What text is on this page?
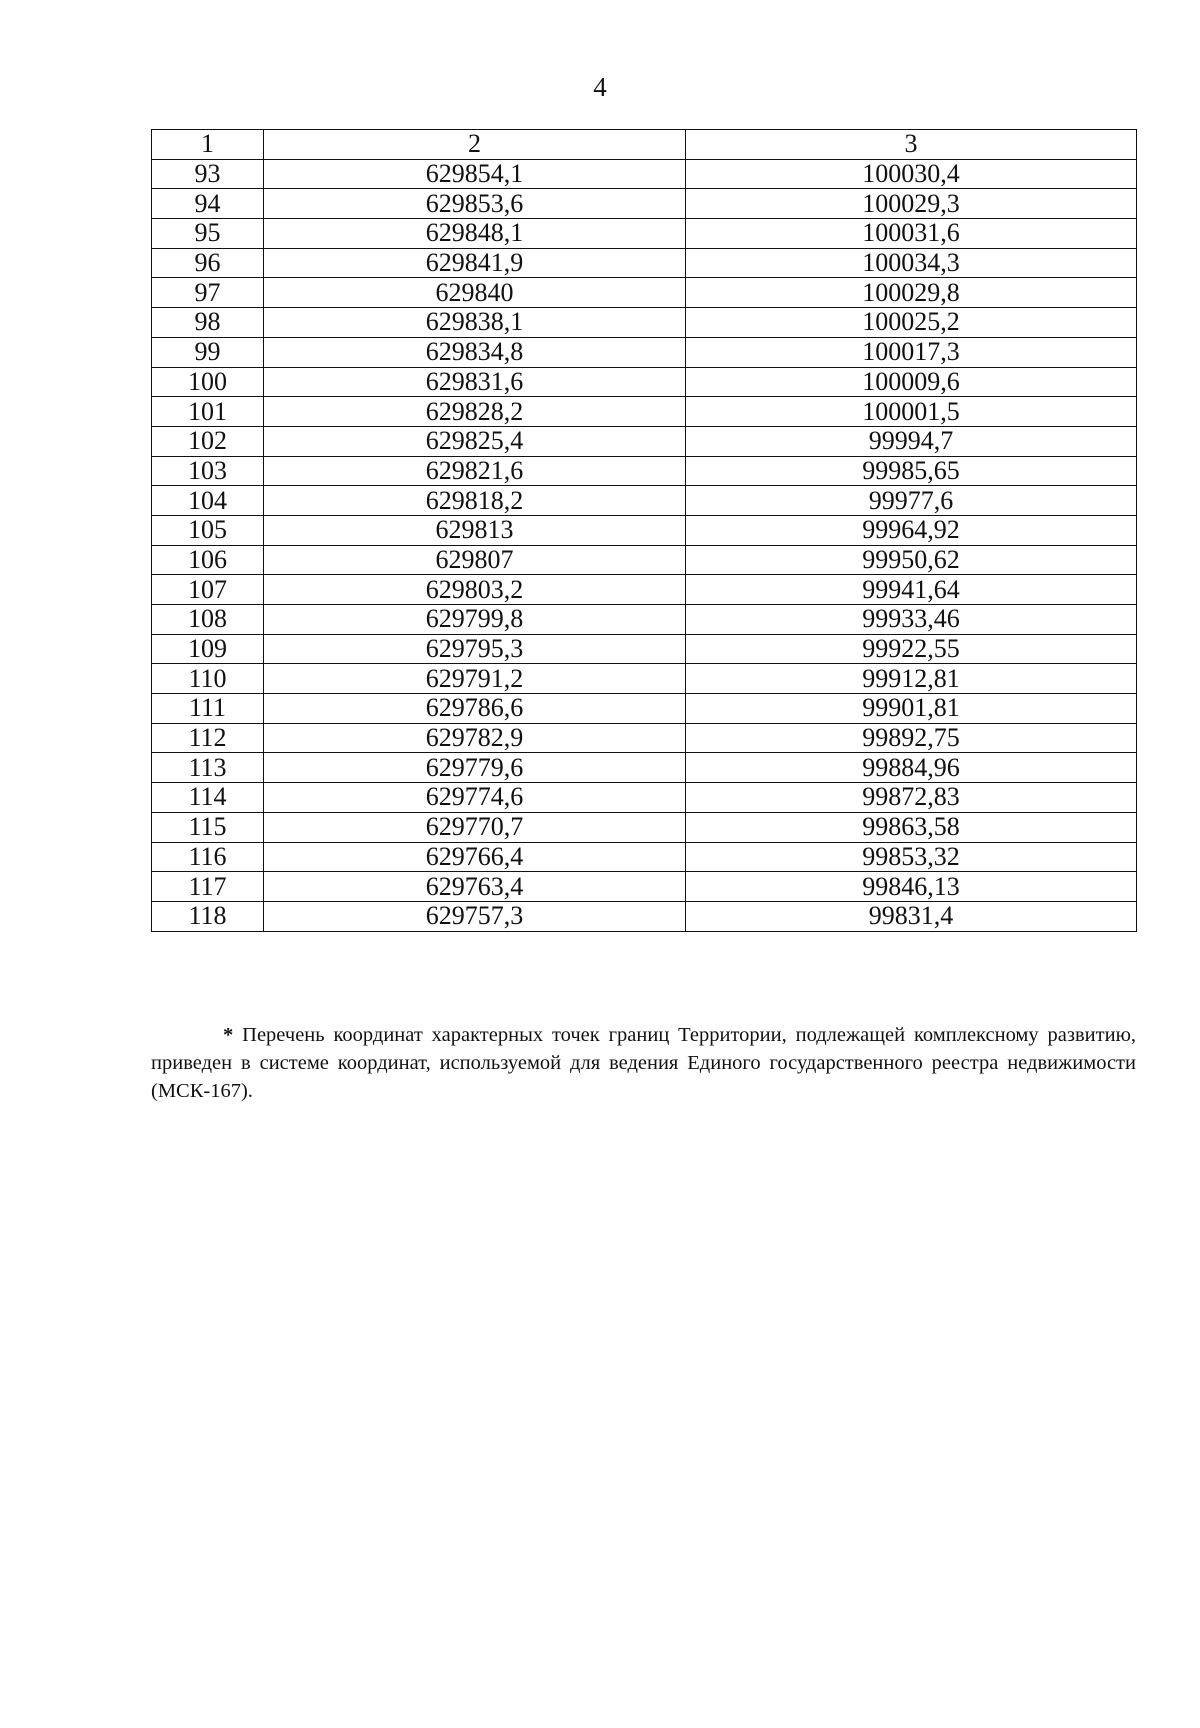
4
1	2	3
93	629854,1	100030,4
94	629853,6	100029,3
95	629848,1	100031,6
96	629841,9	100034,3
97	629840	100029,8
98	629838,1	100025,2
99	629834,8	100017,3
100	629831,6	100009,6
101	629828,2	100001,5
102	629825,4	99994,7
103	629821,6	99985,65
104	629818,2	99977,6
105	629813	99964,92
106	629807	99950,62
107	629803,2	99941,64
108	629799,8	99933,46
109	629795,3	99922,55
110	629791,2	99912,81
111	629786,6	99901,81
112	629782,9	99892,75
113	629779,6	99884,96
114	629774,6	99872,83
115	629770,7	99863,58
116	629766,4	99853,32
117	629763,4	99846,13
118	629757,3	99831,4

* Перечень координат характерных точек границ Территории, подлежащей комплексному развитию, приведен в системе координат, используемой для ведения Единого государственного реестра недвижимости (МСК-167).
